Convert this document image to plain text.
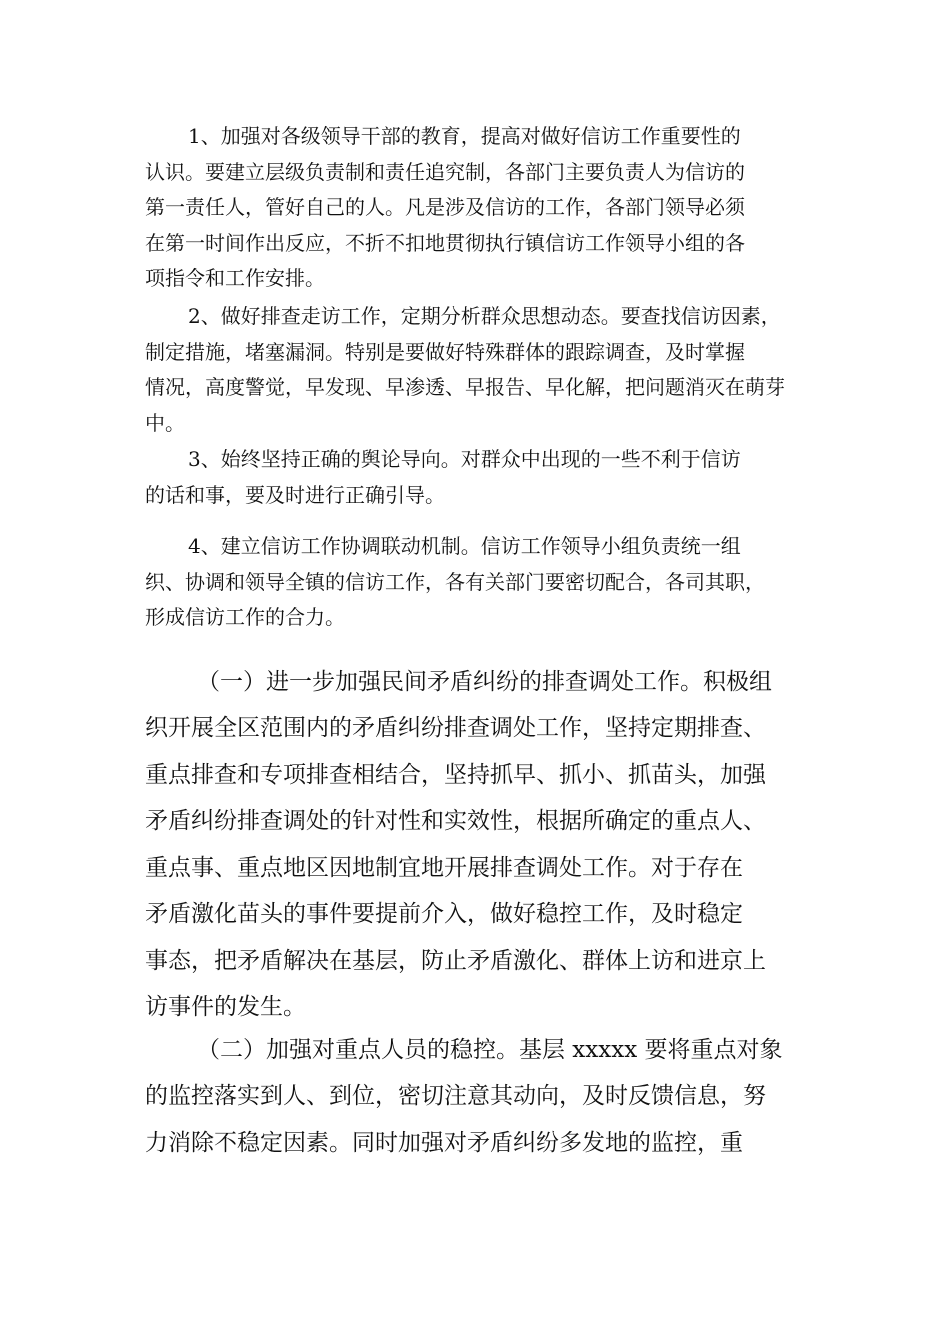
1、加强对各级领导干部的教育，提高对做好信访工作重要性的
认识。要建立层级负责制和责任追究制，各部门主要负责人为信访的
第一责任人，管好自己的人。凡是涉及信访的工作，各部门领导必须
在第一时间作出反应，不折不扣地贯彻执行镇信访工作领导小组的各
项指令和工作安排。
2、做好排查走访工作，定期分析群众思想动态。要查找信访因素，
制定措施，堵塞漏洞。特别是要做好特殊群体的跟踪调查，及时掌握
情况，高度警觉，早发现、早渗透、早报告、早化解，把问题消灭在萌芽
中。
3、始终坚持正确的舆论导向。对群众中出现的一些不利于信访
的话和事，要及时进行正确引导。
4、建立信访工作协调联动机制。信访工作领导小组负责统一组
织、协调和领导全镇的信访工作，各有关部门要密切配合，各司其职，
形成信访工作的合力。
（一）进一步加强民间矛盾纠纷的排查调处工作。积极组
织开展全区范围内的矛盾纠纷排查调处工作，坚持定期排查、
重点排查和专项排查相结合，坚持抓早、抓小、抓苗头，加强
矛盾纠纷排查调处的针对性和实效性，根据所确定的重点人、
重点事、重点地区因地制宜地开展排查调处工作。对于存在
矛盾激化苗头的事件要提前介入，做好稳控工作，及时稳定
事态，把矛盾解决在基层，防止矛盾激化、群体上访和进京上
访事件的发生。
（二）加强对重点人员的稳控。基层 xxxxx 要将重点对象
的监控落实到人、到位，密切注意其动向，及时反馈信息，努
力消除不稳定因素。同时加强对矛盾纠纷多发地的监控，重
